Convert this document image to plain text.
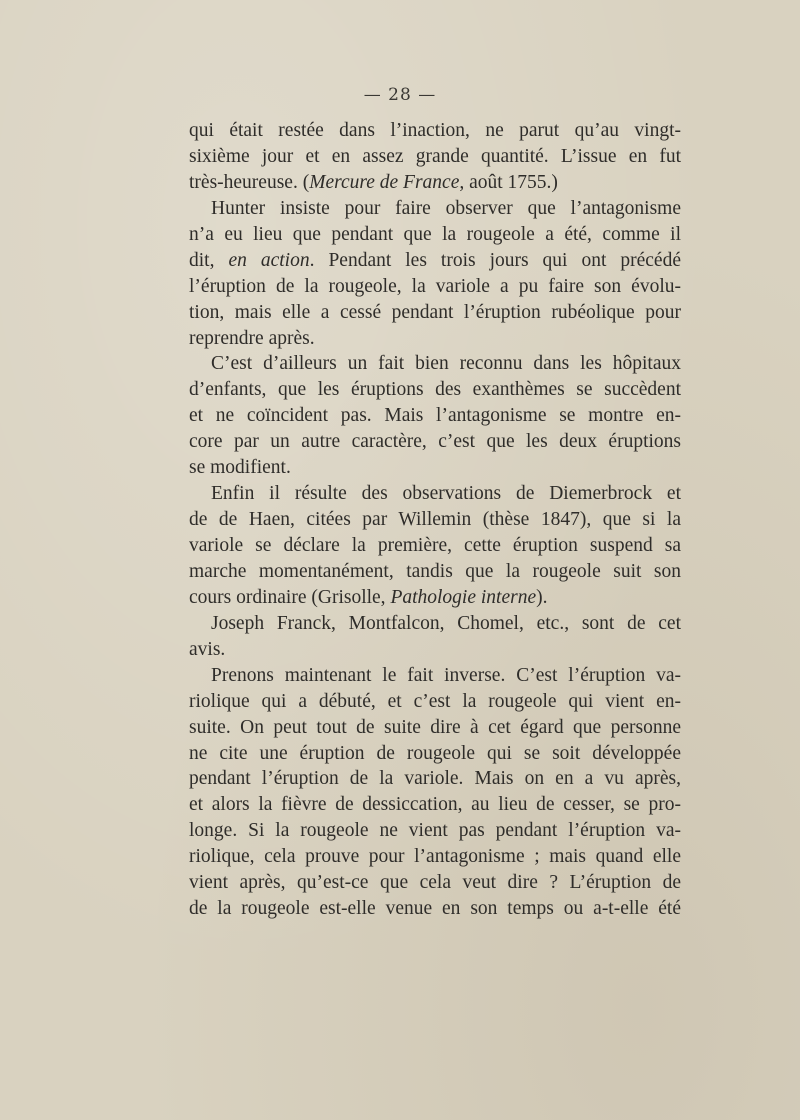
— 28 —
qui était restée dans l’inaction, ne parut qu’au vingt-
sixième jour et en assez grande quantité. L’issue en fut
très-heureuse. (Mercure de France, août 1755.)
Hunter insiste pour faire observer que l’antagonisme
n’a eu lieu que pendant que la rougeole a été, comme il
dit, en action. Pendant les trois jours qui ont précédé
l’éruption de la rougeole, la variole a pu faire son évolu-
tion, mais elle a cessé pendant l’éruption rubéolique pour
reprendre après.
C’est d’ailleurs un fait bien reconnu dans les hôpitaux
d’enfants, que les éruptions des exanthèmes se succèdent
et ne coïncident pas. Mais l’antagonisme se montre en-
core par un autre caractère, c’est que les deux éruptions
se modifient.
Enfin il résulte des observations de Diemerbrock et
de de Haen, citées par Willemin (thèse 1847), que si la
variole se déclare la première, cette éruption suspend sa
marche momentanément, tandis que la rougeole suit son
cours ordinaire (Grisolle, Pathologie interne).
Joseph Franck, Montfalcon, Chomel, etc., sont de cet
avis.
Prenons maintenant le fait inverse. C’est l’éruption va-
riolique qui a débuté, et c’est la rougeole qui vient en-
suite. On peut tout de suite dire à cet égard que personne
ne cite une éruption de rougeole qui se soit développée
pendant l’éruption de la variole. Mais on en a vu après,
et alors la fièvre de dessiccation, au lieu de cesser, se pro-
longe. Si la rougeole ne vient pas pendant l’éruption va-
riolique, cela prouve pour l’antagonisme ; mais quand elle
vient après, qu’est-ce que cela veut dire ? L’éruption de
de la rougeole est-elle venue en son temps ou a-t-elle été
